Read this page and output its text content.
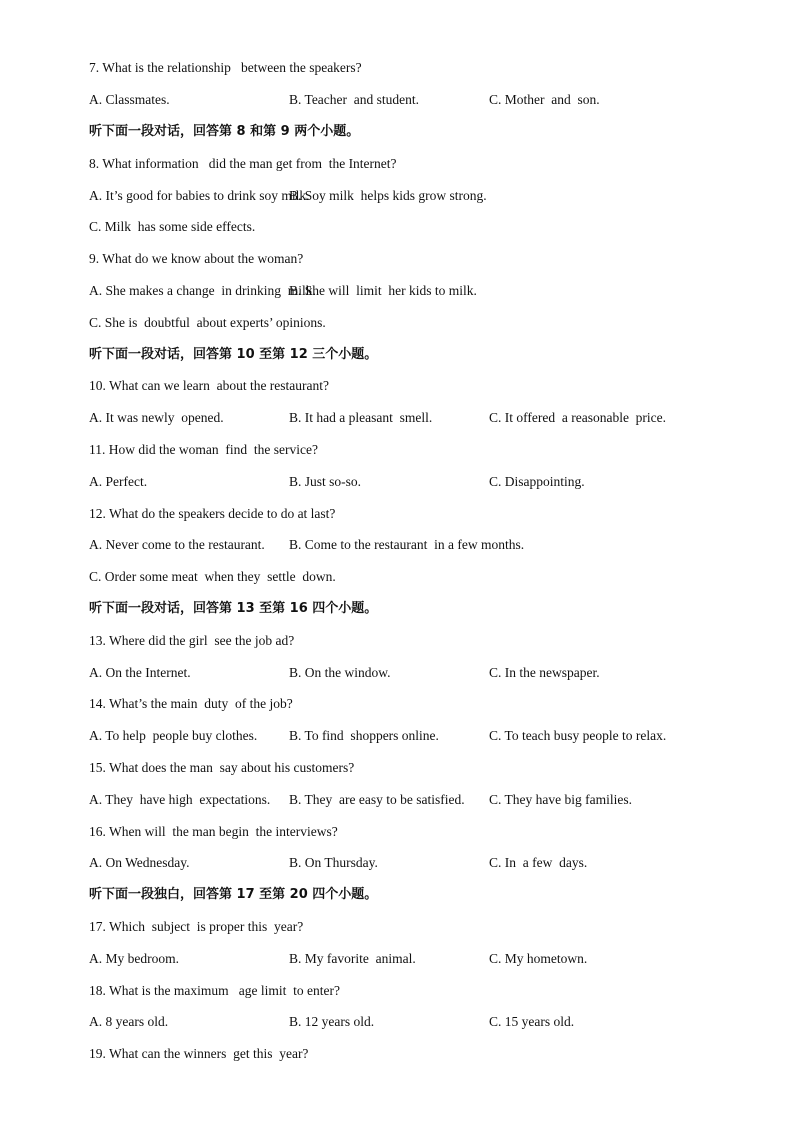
7. What is the relationship   between the speakers?
A. Classmates.	B. Teacher  and student.	C. Mother  and  son.
听下面一段对话，回答第 8 和第 9 两个小题。
8. What information   did the man get from  the Internet?
A. It’s good for babies to drink soy milk.
B. Soy milk  helps kids grow strong.
C. Milk  has some side effects.
9. What do we know about the woman?
A. She makes a change  in drinking  milk.
B. She will  limit  her kids to milk.
C. She is  doubtful  about experts’ opinions.
听下面一段对话，回答第 10 至第 12 三个小题。
10. What can we learn  about the restaurant?
A. It was newly  opened.	B. It had a pleasant  smell.	C. It offered  a reasonable  price.
11. How did the woman  find  the service?
A. Perfect.	B. Just so-so.	C. Disappointing.
12. What do the speakers decide to do at last?
A. Never come to the restaurant. B. Come to the restaurant  in a few months.
C. Order some meat  when they  settle  down.
听下面一段对话，回答第 13 至第 16 四个小题。
13. Where did the girl  see the job ad?
A. On the Internet.	B. On the window.	C. In the newspaper.
14. What’s the main  duty  of the job?
A. To help  people buy clothes. B. To find  shoppers online.	C. To teach busy people to relax.
15. What does the man  say about his customers?
A. They  have high  expectations. B. They  are easy to be satisfied. C. They have big families.
16. When will  the man begin  the interviews?
A. On Wednesday.	B. On Thursday.	C. In  a few  days.
听下面一段独白，回答第 17 至第 20 四个小题。
17. Which  subject  is proper this  year?
A. My bedroom.	B. My favorite  animal.	C. My hometown.
18. What is the maximum   age limit  to enter?
A. 8 years old.	B. 12 years old.	C. 15 years old.
19. What can the winners  get this  year?
